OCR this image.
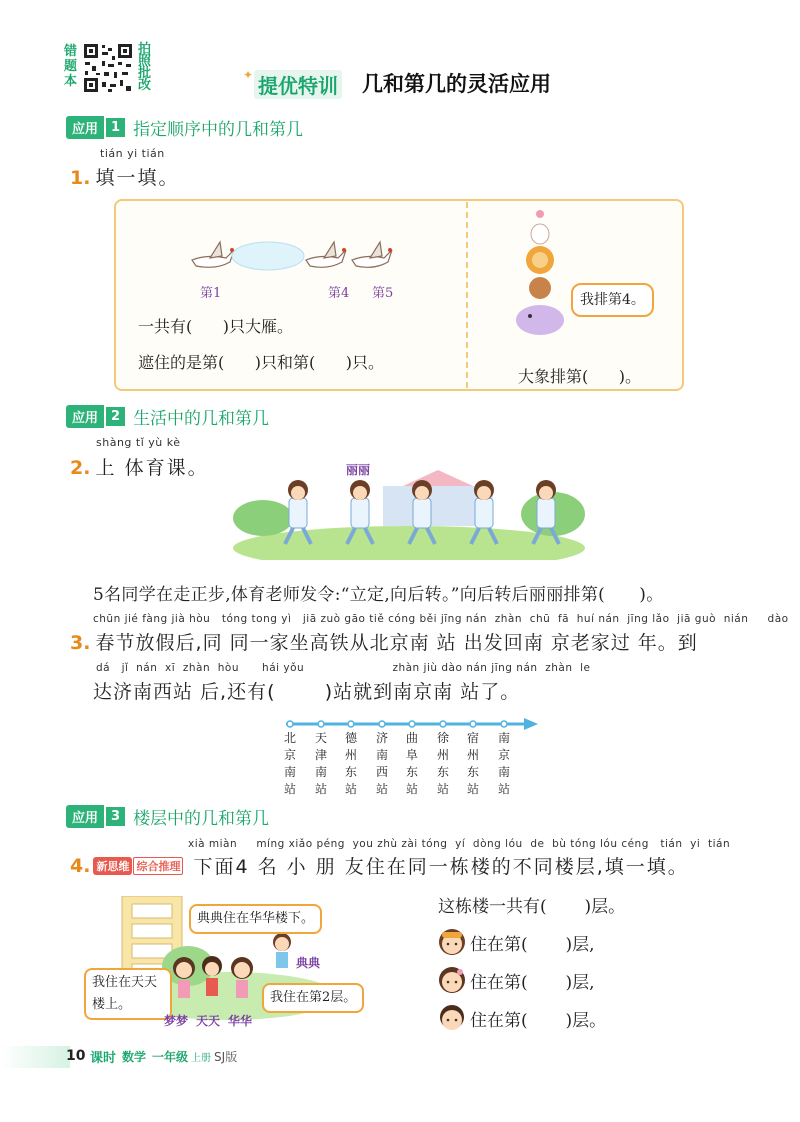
错题本
拍照批改
✦ 提优特训 几和第几的灵活应用
应用	1 指定顺序中的几和第几
tián yi tián
1. 填一填。
第1	第4 第5
一共有(      )只大雁。
遮住的是第(      )只和第(      )只。
我排第4。
大象排第(      )。
应用	2 生活中的几和第几
shàng tǐ yù kè
2. 上 体育课。	丽丽
5名同学在走正步,体育老师发令:“立定,向后转。”向后转后丽丽排第(      )。
chūn jié fàng jià hòu   tóng tong yì   jiā zuò gāo tiě cóng běi jīng nán  zhàn  chū  fā  huí nán  jīng lǎo  jiā guò  nián     dào
3. 春节放假后,同 同一家坐高铁从北京南 站 出发回南 京老家过 年。到
dá   jǐ  nán  xī  zhàn  hòu      hái yǒu                       zhàn jiù dào nán jīng nán  zhàn  le
达济南西站 后,还有(       )站就到南京南 站了。
北京南站
天津南站
德州东站
济南西站
曲阜东站
徐州东站
宿州东站
南京南站
应用	3 楼层中的几和第几
xià miàn     míng xiǎo péng  you zhù zài tóng  yí  dòng lóu  de  bù tóng lóu céng   tián  yi  tián
4. 新思维 综合推理 下面4 名 小 朋 友住在同一栋楼的不同楼层,填一填。
典典住在华华楼下。
我住在天天楼上。	我住在第2层。
典典
梦梦 天天 华华
这栋楼一共有(       )层。
住在第(       )层,
住在第(       )层,
住在第(       )层。
10 课时 数学 一年级 上册 SJ版
